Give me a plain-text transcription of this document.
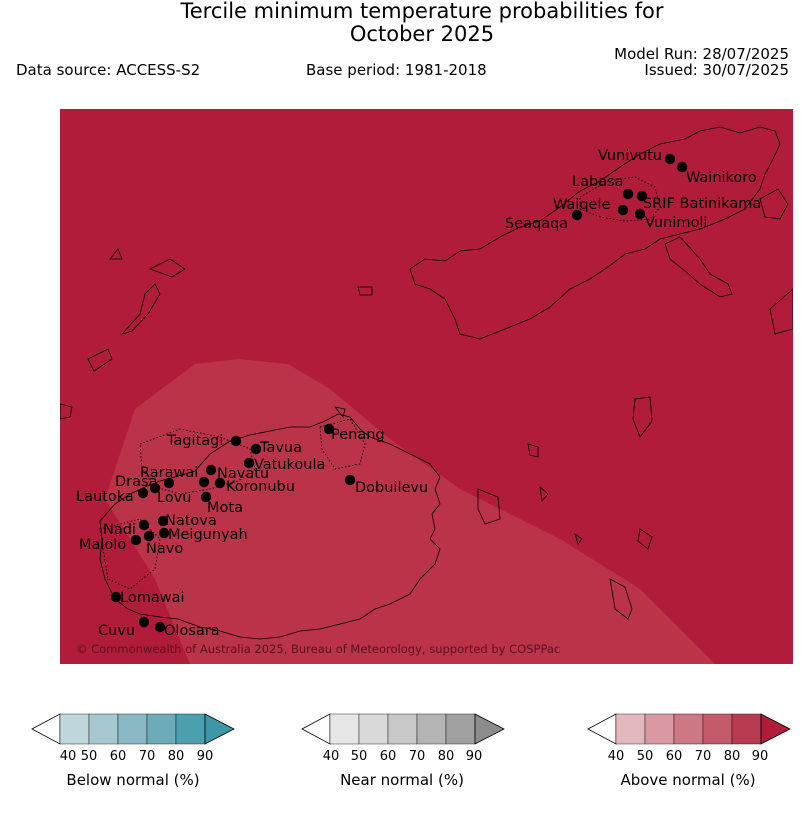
Tercile minimum temperature probabilities for
October 2025
Data source: ACCESS-S2	Base period: 1981-2018
Model Run: 28/07/2025
Issued: 30/07/2025
Vunivutu
Wainikoro
Labasa
Waiqele SRIF Batinikama
Seaqaqa	Vunimoli
Penang
Tagitagi	Tavua
Vatukoula
Rarawai Navatu
Drasa	Koronubu
Lautoka Lovu
Mota
Dobuilevu
Nadi
Natova
Meigunyah
Malolo Navo
Lomawai
Cuvu Olosara
© Commonwealth of Australia 2025, Bureau of Meteorology, supported by COSPPac
40 50 60 70 80 90
Below normal (%)
40 50 60 70 80 90
Near normal (%)
40 50 60 70 80 90
Above normal (%)
